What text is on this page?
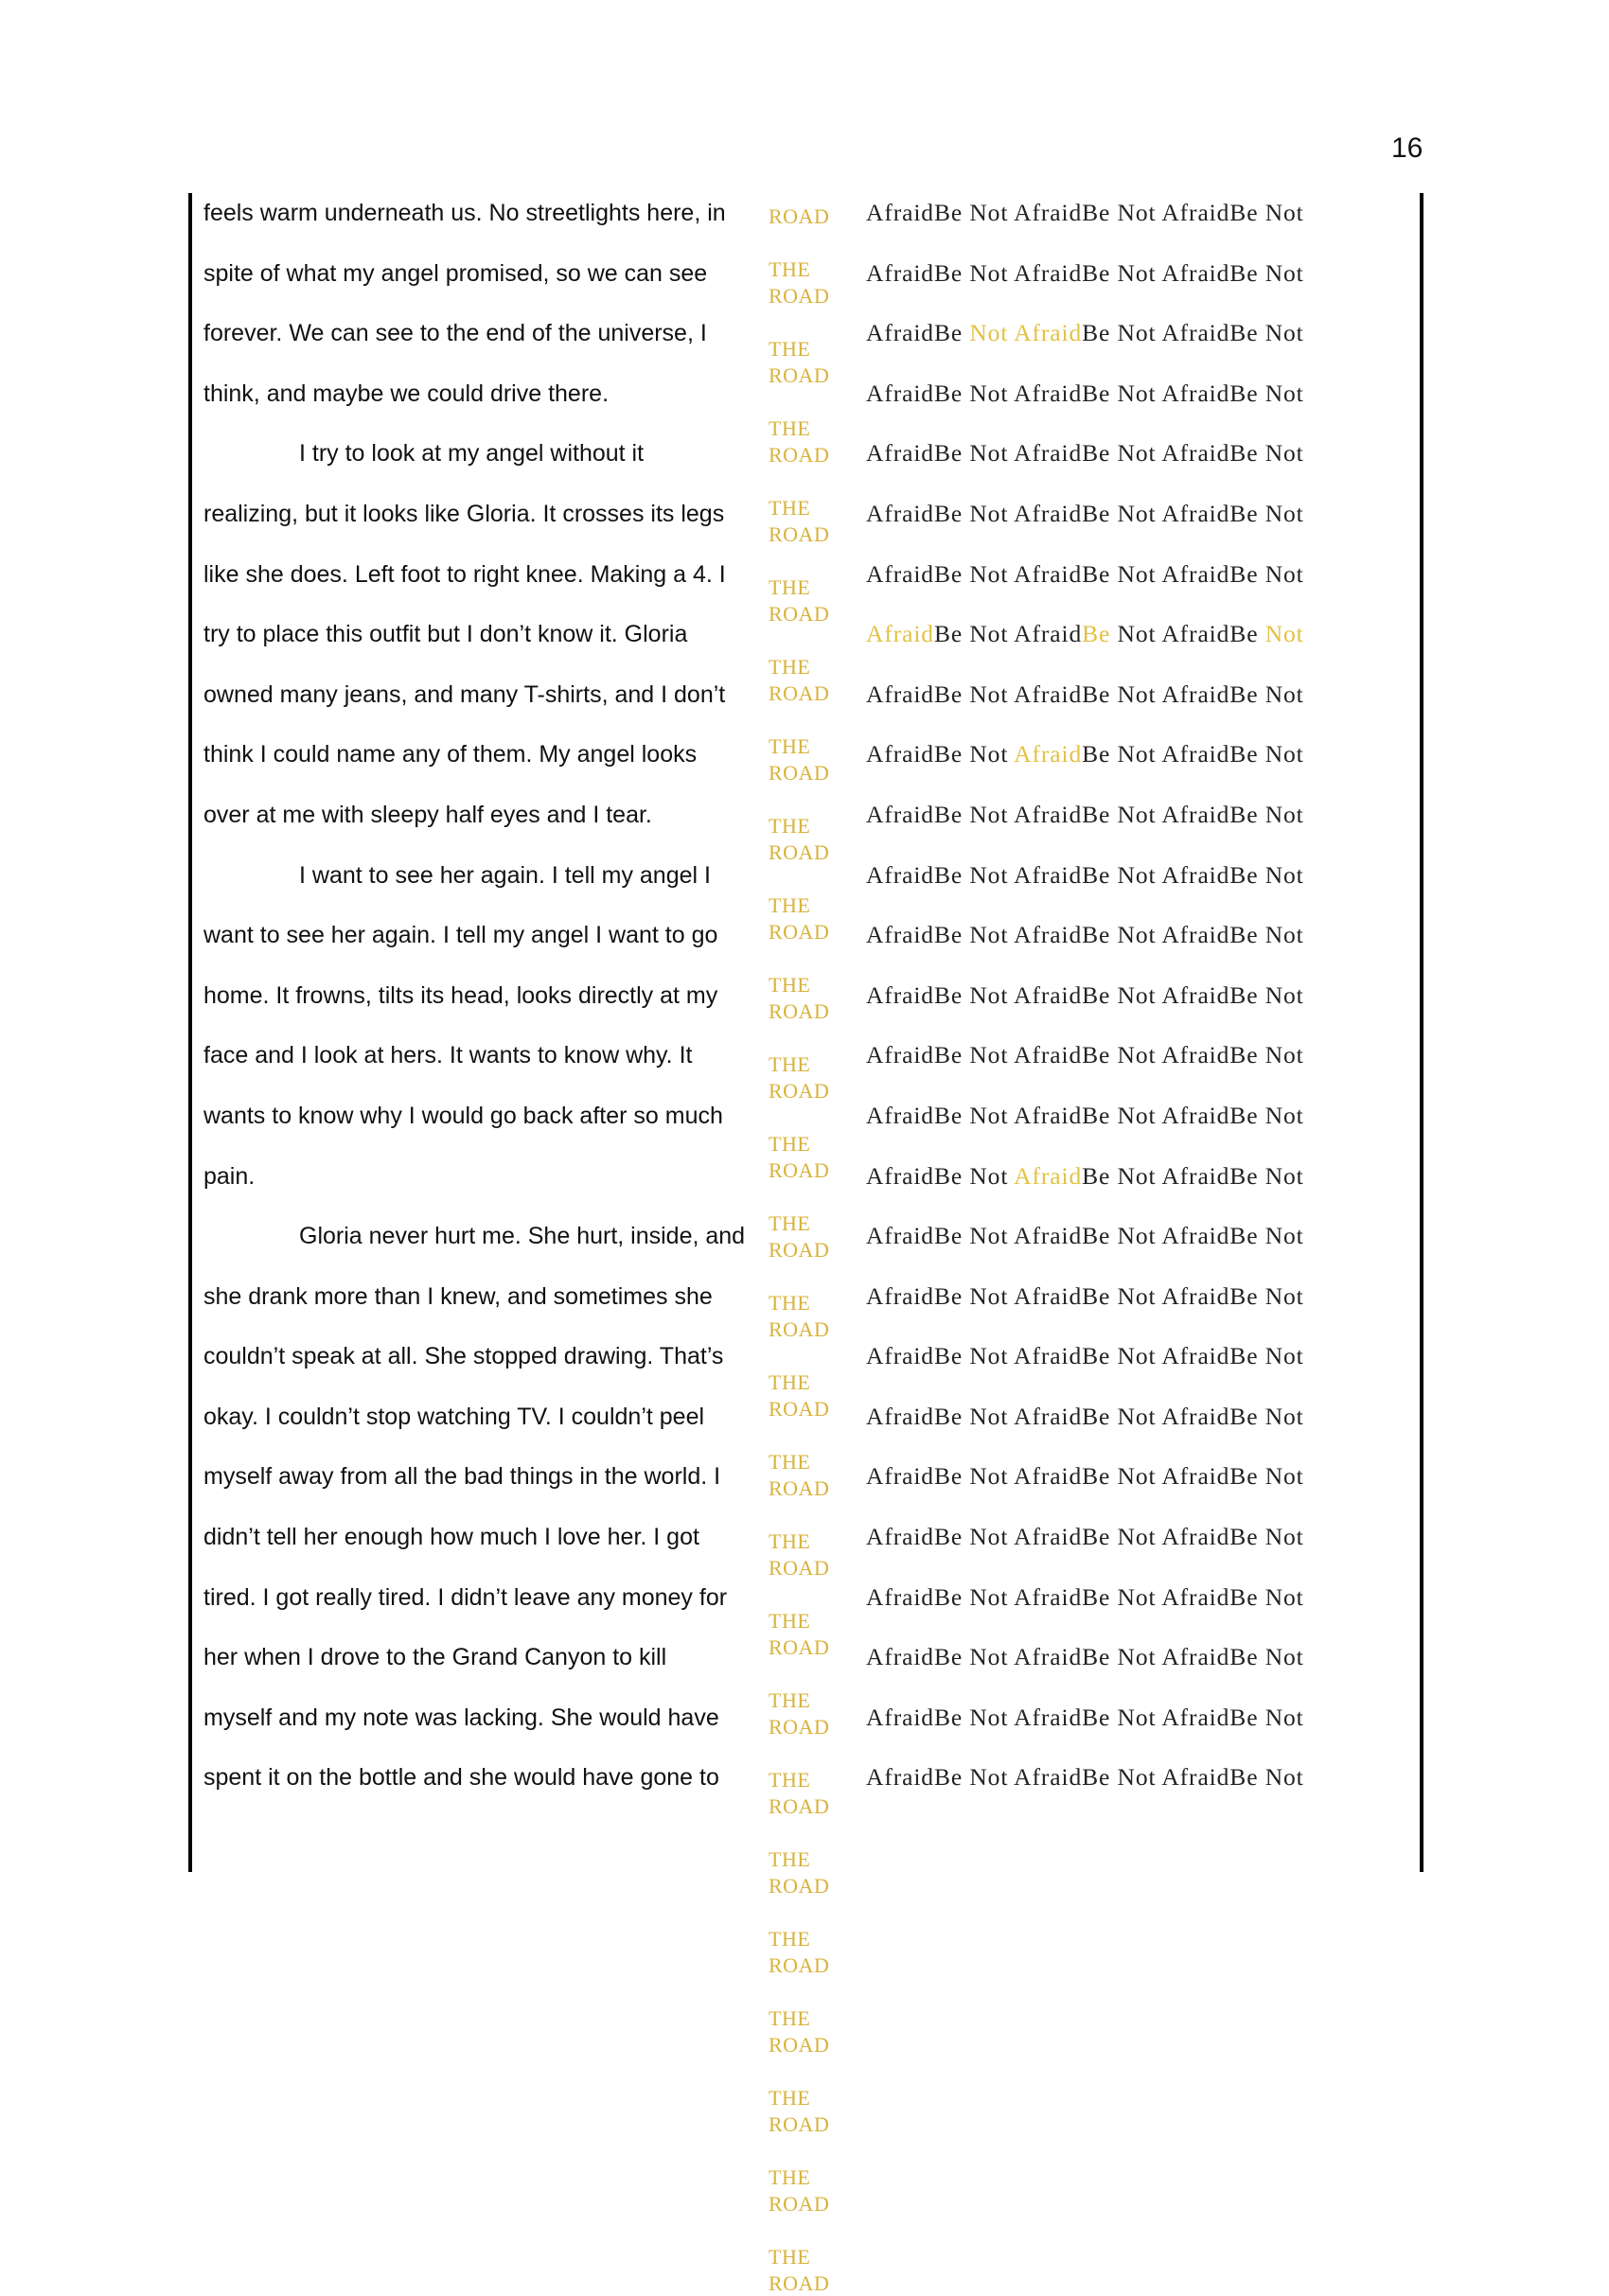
16
feels warm underneath us. No streetlights here, in
spite of what my angel promised, so we can see
forever. We can see to the end of the universe, I
think, and maybe we could drive there.
I try to look at my angel without it
realizing, but it looks like Gloria. It crosses its legs
like she does. Left foot to right knee. Making a 4. I
try to place this outfit but I don’t know it. Gloria
owned many jeans, and many T-shirts, and I don’t
think I could name any of them. My angel looks
over at me with sleepy half eyes and I tear.
I want to see her again. I tell my angel I
want to see her again. I tell my angel I want to go
home. It frowns, tilts its head, looks directly at my
face and I look at hers. It wants to know why. It
wants to know why I would go back after so much
pain.
Gloria never hurt me. She hurt, inside, and
she drank more than I knew, and sometimes she
couldn’t speak at all. She stopped drawing. That’s
okay. I couldn’t stop watching TV. I couldn’t peel
myself away from all the bad things in the world. I
didn’t tell her enough how much I love her. I got
tired. I got really tired. I didn’t leave any money for
her when I drove to the Grand Canyon to kill
myself and my note was lacking. She would have
spent it on the bottle and she would have gone to
ROAD
THE
ROAD
THE
ROAD
THE
ROAD
THE
ROAD
THE
ROAD
THE
ROAD
THE
ROAD
THE
ROAD
THE
ROAD
THE
ROAD
THE
ROAD
THE
ROAD
THE
ROAD
THE
ROAD
THE
ROAD
THE
ROAD
THE
ROAD
THE
ROAD
THE
ROAD
THE
ROAD
THE
ROAD
THE
ROAD
THE
ROAD
THE
ROAD
THE
ROAD
THE
ROAD
AfraidBe Not AfraidBe Not AfraidBe Not
AfraidBe Not AfraidBe Not AfraidBe Not
AfraidBe Not AfraidBe Not AfraidBe Not
AfraidBe Not AfraidBe Not AfraidBe Not
AfraidBe Not AfraidBe Not AfraidBe Not
AfraidBe Not AfraidBe Not AfraidBe Not
AfraidBe Not AfraidBe Not AfraidBe Not
AfraidBe Not AfraidBe Not AfraidBe Not
AfraidBe Not AfraidBe Not AfraidBe Not
AfraidBe Not AfraidBe Not AfraidBe Not
AfraidBe Not AfraidBe Not AfraidBe Not
AfraidBe Not AfraidBe Not AfraidBe Not
AfraidBe Not AfraidBe Not AfraidBe Not
AfraidBe Not AfraidBe Not AfraidBe Not
AfraidBe Not AfraidBe Not AfraidBe Not
AfraidBe Not AfraidBe Not AfraidBe Not
AfraidBe Not AfraidBe Not AfraidBe Not
AfraidBe Not AfraidBe Not AfraidBe Not
AfraidBe Not AfraidBe Not AfraidBe Not
AfraidBe Not AfraidBe Not AfraidBe Not
AfraidBe Not AfraidBe Not AfraidBe Not
AfraidBe Not AfraidBe Not AfraidBe Not
AfraidBe Not AfraidBe Not AfraidBe Not
AfraidBe Not AfraidBe Not AfraidBe Not
AfraidBe Not AfraidBe Not AfraidBe Not
AfraidBe Not AfraidBe Not AfraidBe Not
AfraidBe Not AfraidBe Not AfraidBe Not
